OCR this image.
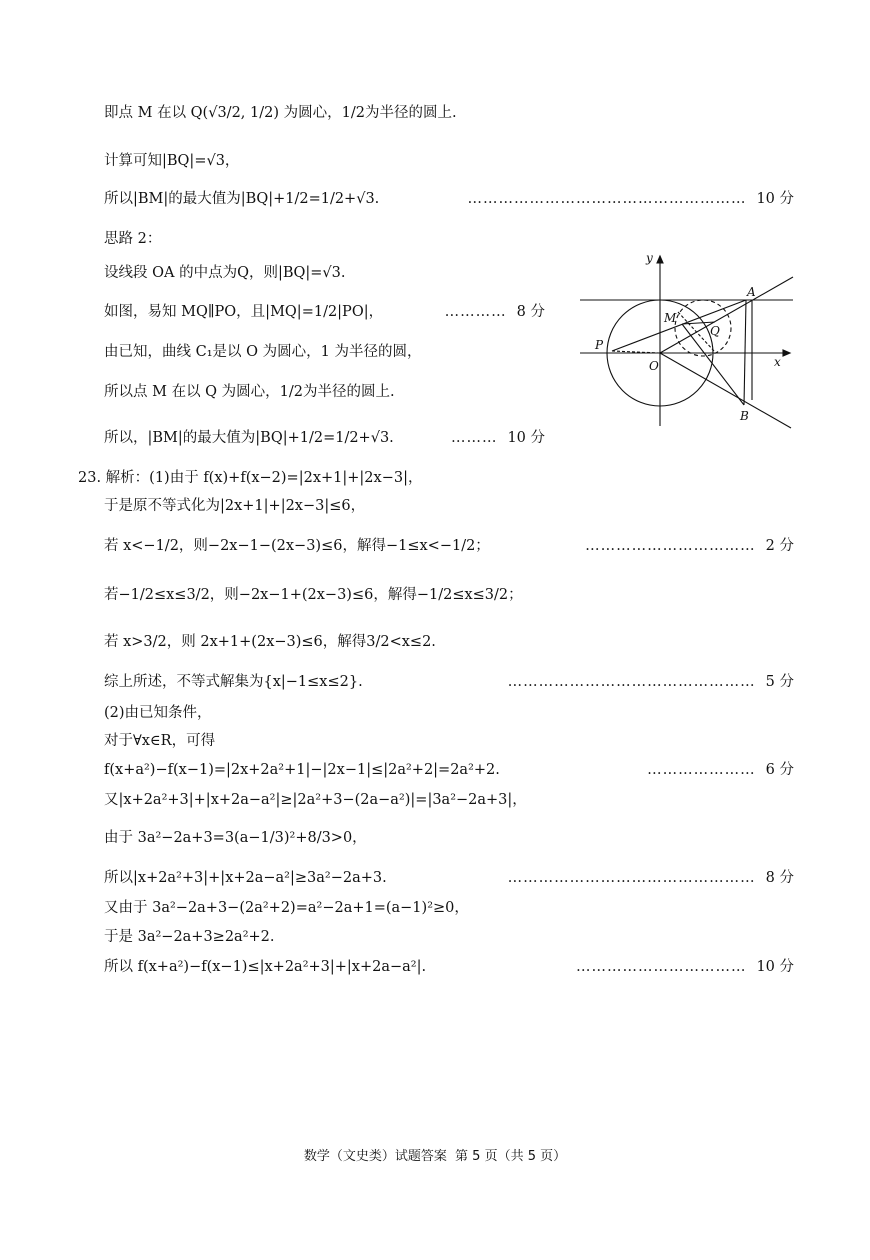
即点 M 在以 Q(√3/2, 1/2) 为圆心，1/2为半径的圆上.
计算可知|BQ|=√3，
所以|BM|的最大值为|BQ|+1/2=1/2+√3.	……………………………………………… 10 分
思路 2：
设线段 OA 的中点为Q，则|BQ|=√3.
如图，易知 MQ∥PO，且|MQ|=1/2|PO|，	………… 8 分
由已知，曲线 C₁是以 O 为圆心，1 为半径的圆，
所以点 M 在以 Q 为圆心，1/2为半径的圆上.
所以，|BM|的最大值为|BQ|+1/2=1/2+√3.	……… 10 分
23. 解析：(1)由于 f(x)+f(x−2)=|2x+1|+|2x−3|，
于是原不等式化为|2x+1|+|2x−3|≤6，
若 x<−1/2，则−2x−1−(2x−3)≤6，解得−1≤x<−1/2；	…………………………… 2 分
若−1/2≤x≤3/2，则−2x−1+(2x−3)≤6，解得−1/2≤x≤3/2；
若 x>3/2，则 2x+1+(2x−3)≤6，解得3/2<x≤2.
综上所述，不等式解集为{x|−1≤x≤2}.	………………………………………… 5 分
(2)由已知条件，
对于∀x∈R，可得
f(x+a²)−f(x−1)=|2x+2a²+1|−|2x−1|≤|2a²+2|=2a²+2.	………………… 6 分
又|x+2a²+3|+|x+2a−a²|≥|2a²+3−(2a−a²)|=|3a²−2a+3|，
由于 3a²−2a+3=3(a−1/3)²+8/3>0，
所以|x+2a²+3|+|x+2a−a²|≥3a²−2a+3.	………………………………………… 8 分
又由于 3a²−2a+3−(2a²+2)=a²−2a+1=(a−1)²≥0，
于是 3a²−2a+3≥2a²+2.
所以 f(x+a²)−f(x−1)≤|x+2a²+3|+|x+2a−a²|.	…………………………… 10 分
y
x
A
M
Q
P
O
B
数学（文史类）试题答案 第 5 页（共 5 页）
